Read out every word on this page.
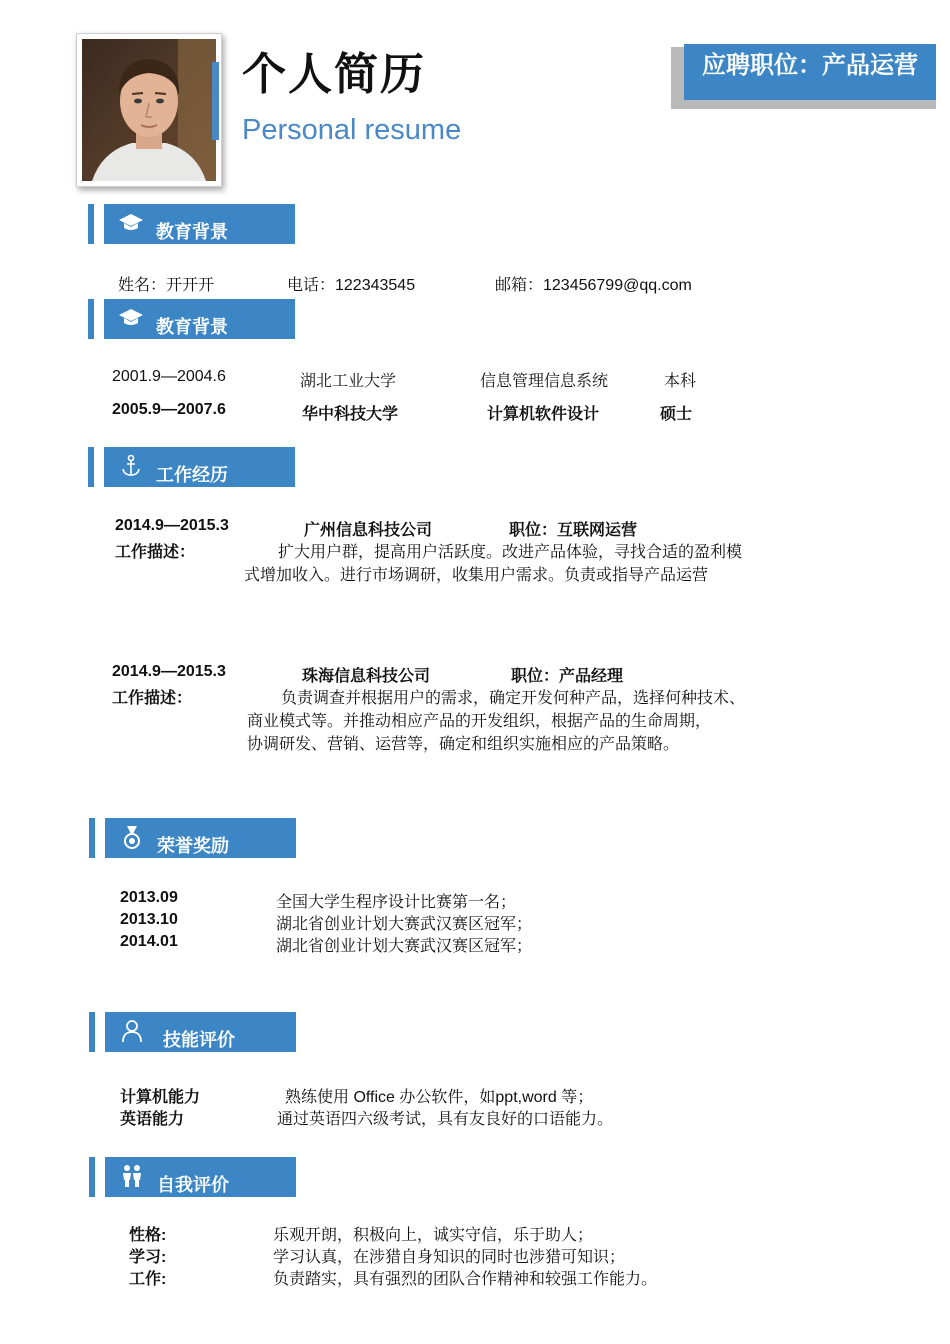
个人简历
Personal resume
应聘职位：产品运营
教育背景
姓名：开开开	电话：122343545	邮箱：123456799@qq.com
教育背景
2001.9—2004.6	湖北工业大学	信息管理信息系统	本科
2005.9—2007.6	华中科技大学	计算机软件设计	硕士
工作经历
2014.9—2015.3	广州信息科技公司	职位：互联网运营
工作描述：	扩大用户群，提高用户活跃度。改进产品体验，寻找合适的盈利模
式增加收入。进行市场调研，收集用户需求。负责或指导产品运营
2014.9—2015.3	珠海信息科技公司	职位：产品经理
工作描述：	负责调查并根据用户的需求，确定开发何种产品，选择何种技术、
商业模式等。并推动相应产品的开发组织，根据产品的生命周期，
协调研发、营销、运营等，确定和组织实施相应的产品策略。
荣誉奖励
2013.09	全国大学生程序设计比赛第一名；
2013.10	湖北省创业计划大赛武汉赛区冠军；
2014.01	湖北省创业计划大赛武汉赛区冠军；
技能评价
计算机能力	熟练使用 Office 办公软件，如ppt,word 等；
英语能力	通过英语四六级考试，具有友良好的口语能力。
自我评价
性格:	乐观开朗，积极向上，诚实守信，乐于助人；
学习:	学习认真，在涉猎自身知识的同时也涉猎可知识；
工作:	负责踏实，具有强烈的团队合作精神和较强工作能力。
